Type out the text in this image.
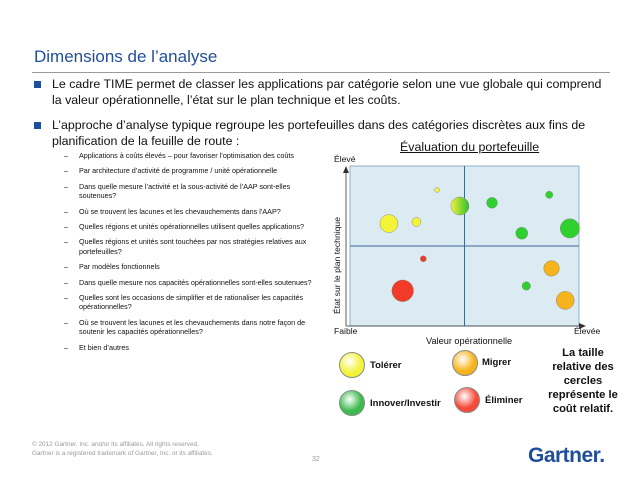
Dimensions de l’analyse
Le cadre TIME permet de classer les applications par catégorie selon une vue globale qui comprend la valeur opérationnelle, l’état sur le plan technique et les coûts.
L’approche d’analyse typique regroupe les portefeuilles dans des catégories discrètes aux fins de planification de la feuille de route :
– Applications à coûts élevés – pour favoriser l’optimisation des coûts
– Par architecture d’activité de programme / unité opérationnelle
– Dans quelle mesure l’activité et la sous-activité de l’AAP sont-elles soutenues?
– Où se trouvent les lacunes et les chevauchements dans l’AAP?
– Quelles régions et unités opérationnelles utilisent quelles applications?
– Quelles régions et unités sont touchées par nos stratégies relatives aux portefeuilles?
– Par modèles fonctionnels
– Dans quelle mesure nos capacités opérationnelles sont-elles soutenues?
– Quelles sont les occasions de simplifier et de rationaliser les capacités opérationnelles?
– Où se trouvent les lacunes et les chevauchements dans notre façon de soutenir les capacités opérationnelles?
– Et bien d’autres
Évaluation du portefeuille
Élevé
Faible	Élevée
Valeur opérationnelle
État sur le plan technique
Tolérer	Migrer
Innover/Investir	Éliminer
La taille relative des cercles représente le coût relatif.
© 2012 Gartner, Inc. and/or its affiliates. All rights reserved.
Gartner is a registered trademark of Gartner, Inc. or its affiliates.
32	Gartner.
